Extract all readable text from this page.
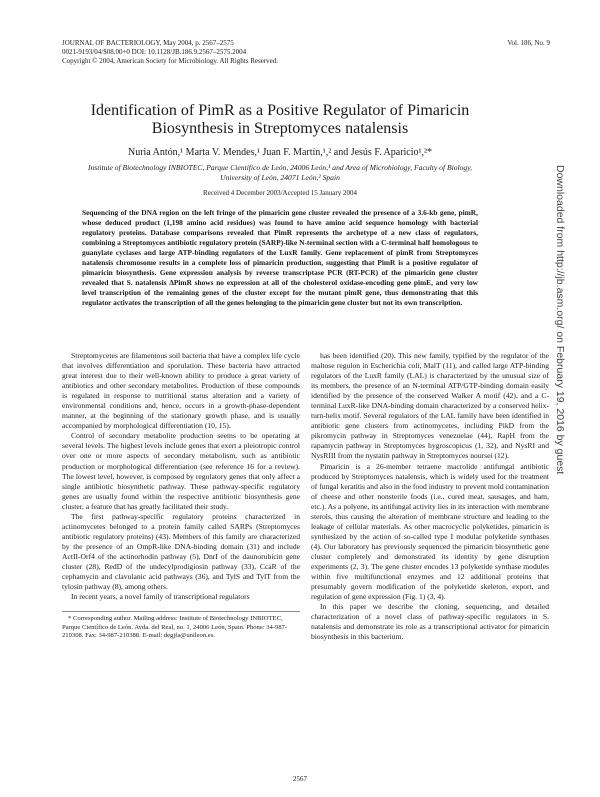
JOURNAL OF BACTERIOLOGY, May 2004, p. 2567–2575
0021-9193/04/$08.00+0 DOI: 10.1128/JB.186.9.2567–2575.2004
Copyright © 2004, American Society for Microbiology. All Rights Reserved.
Vol. 186, No. 9
Identification of PimR as a Positive Regulator of Pimaricin Biosynthesis in Streptomyces natalensis
Nuria Antón,¹ Marta V. Mendes,¹ Juan F. Martín,¹,² and Jesús F. Aparicio¹,²*
Institute of Biotechnology INBIOTEC, Parque Científico de León, 24006 León,¹ and Area of Microbiology, Faculty of Biology, University of León, 24071 León,² Spain
Received 4 December 2003/Accepted 15 January 2004
Sequencing of the DNA region on the left fringe of the pimaricin gene cluster revealed the presence of a 3.6-kb gene, pimR, whose deduced product (1,198 amino acid residues) was found to have amino acid sequence homology with bacterial regulatory proteins. Database comparisons revealed that PimR represents the archetype of a new class of regulators, combining a Streptomyces antibiotic regulatory protein (SARP)-like N-terminal section with a C-terminal half homologous to guanylate cyclases and large ATP-binding regulators of the LuxR family. Gene replacement of pimR from Streptomyces natalensis chromosome results in a complete loss of pimaricin production, suggesting that PimR is a positive regulator of pimaricin biosynthesis. Gene expression analysis by reverse transcriptase PCR (RT-PCR) of the pimaricin gene cluster revealed that S. natalensis ΔPimR shows no expression at all of the cholesterol oxidase-encoding gene pimE, and very low level transcription of the remaining genes of the cluster except for the mutant pimR gene, thus demonstrating that this regulator activates the transcription of all the genes belonging to the pimaricin gene cluster but not its own transcription.

Streptomycetes are filamentous soil bacteria that have a complex life cycle that involves differentiation and sporulation. These bacteria have attracted great interest due to their well-known ability to produce a great variety of antibiotics and other secondary metabolites. Production of these compounds is regulated in response to nutritional status alteration and a variety of environmental conditions and, hence, occurs in a growth-phase-dependent manner, at the beginning of the stationary growth phase, and is usually accompanied by morphological differentiation (10, 15).

Control of secondary metabolite production seems to be operating at several levels. The highest levels include genes that exert a pleiotropic control over one or more aspects of secondary metabolism, such as antibiotic production or morphological differentiation (see reference 16 for a review). The lowest level, however, is composed by regulatory genes that only affect a single antibiotic biosynthetic pathway. These pathway-specific regulatory genes are usually found within the respective antibiotic biosynthesis gene cluster, a feature that has greatly facilitated their study.

The first pathway-specific regulatory proteins characterized in actinomycetes belonged to a protein family called SARPs (Streptomyces antibiotic regulatory proteins) (43). Members of this family are characterized by the presence of an OmpR-like DNA-binding domain (31) and include ActII-Orf4 of the actinorhodin pathway (5), DnrI of the daunorubicin gene cluster (28), RedD of the undecylprodigiosin pathway (33), CcaR of the cephamycin and clavulanic acid pathways (36), and TylS and TylT from the tylosin pathway (8), among others.

In recent years, a novel family of transcriptional regulators

has been identified (20). This new family, typified by the regulator of the maltose regulon in Escherichia coli, MalT (11), and called large ATP-binding regulators of the LuxR family (LAL) is characterized by the unusual size of its members, the presence of an N-terminal ATP/GTP-binding domain easily identified by the presence of the conserved Walker A motif (42), and a C-terminal LuxR-like DNA-binding domain characterized by a conserved helix-turn-helix motif. Several regulators of the LAL family have been identified in antibiotic gene clusters from actinomycetes, including PikD from the pikromycin pathway in Streptomyces venezuelae (44), RapH from the rapamycin pathway in Streptomyces hygroscopicus (1, 32), and NysRI and NysRIII from the nystatin pathway in Streptomyces noursei (12).

Pimaricin is a 26-member tetraene macrolide antifungal antibiotic produced by Streptomyces natalensis, which is widely used for the treatment of fungal keratitis and also in the food industry to prevent mold contamination of cheese and other nonsterile foods (i.e., cured meat, sausages, and ham, etc.). As a polyene, its antifungal activity lies in its interaction with membrane sterols, thus causing the alteration of membrane structure and leading to the leakage of cellular materials. As other macrocyclic polyketides, pimaricin is synthesized by the action of so-called type I modular polyketide synthases (4). Our laboratory has previously sequenced the pimaricin biosynthetic gene cluster completely and demonstrated its identity by gene disruption experiments (2, 3). The gene cluster encodes 13 polyketide synthase modules within five multifunctional enzymes and 12 additional proteins that presumably govern modification of the polyketide skeleton, export, and regulation of gene expression (Fig. 1) (3, 4).

In this paper we describe the cloning, sequencing, and detailed characterization of a novel class of pathway-specific regulators in S. natalensis and demonstrate its role as a transcriptional activator for pimaricin biosynthesis in this bacterium.

* Corresponding author. Mailing address: Institute of Biotechnology INBIOTEC, Parque Científico de León. Avda. del Real, no. 1, 24006 León, Spain. Phone: 34-987-210308. Fax: 34-987-210388. E-mail: degjfa@unileon.es.

2567
Downloaded from http://jb.asm.org/ on February 19, 2016 by guest
